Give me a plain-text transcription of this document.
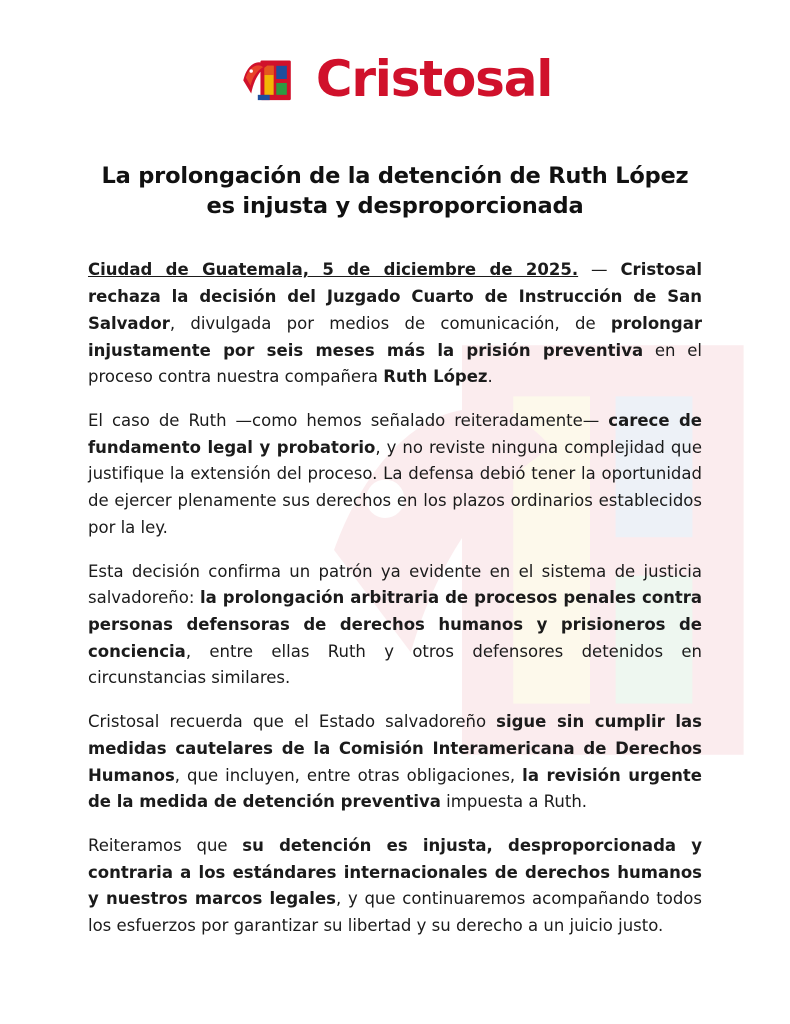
Cristosal
La prolongación de la detención de Ruth López es injusta y desproporcionada

Ciudad de Guatemala, 5 de diciembre de 2025. — Cristosal rechaza la decisión del Juzgado Cuarto de Instrucción de San Salvador, divulgada por medios de comunicación, de prolongar injustamente por seis meses más la prisión preventiva en el proceso contra nuestra compañera Ruth López.

El caso de Ruth —como hemos señalado reiteradamente— carece de fundamento legal y probatorio, y no reviste ninguna complejidad que justifique la extensión del proceso. La defensa debió tener la oportunidad de ejercer plenamente sus derechos en los plazos ordinarios establecidos por la ley.

Esta decisión confirma un patrón ya evidente en el sistema de justicia salvadoreño: la prolongación arbitraria de procesos penales contra personas defensoras de derechos humanos y prisioneros de conciencia, entre ellas Ruth y otros defensores detenidos en circunstancias similares.

Cristosal recuerda que el Estado salvadoreño sigue sin cumplir las medidas cautelares de la Comisión Interamericana de Derechos Humanos, que incluyen, entre otras obligaciones, la revisión urgente de la medida de detención preventiva impuesta a Ruth.

Reiteramos que su detención es injusta, desproporcionada y contraria a los estándares internacionales de derechos humanos y nuestros marcos legales, y que continuaremos acompañando todos los esfuerzos por garantizar su libertad y su derecho a un juicio justo.
